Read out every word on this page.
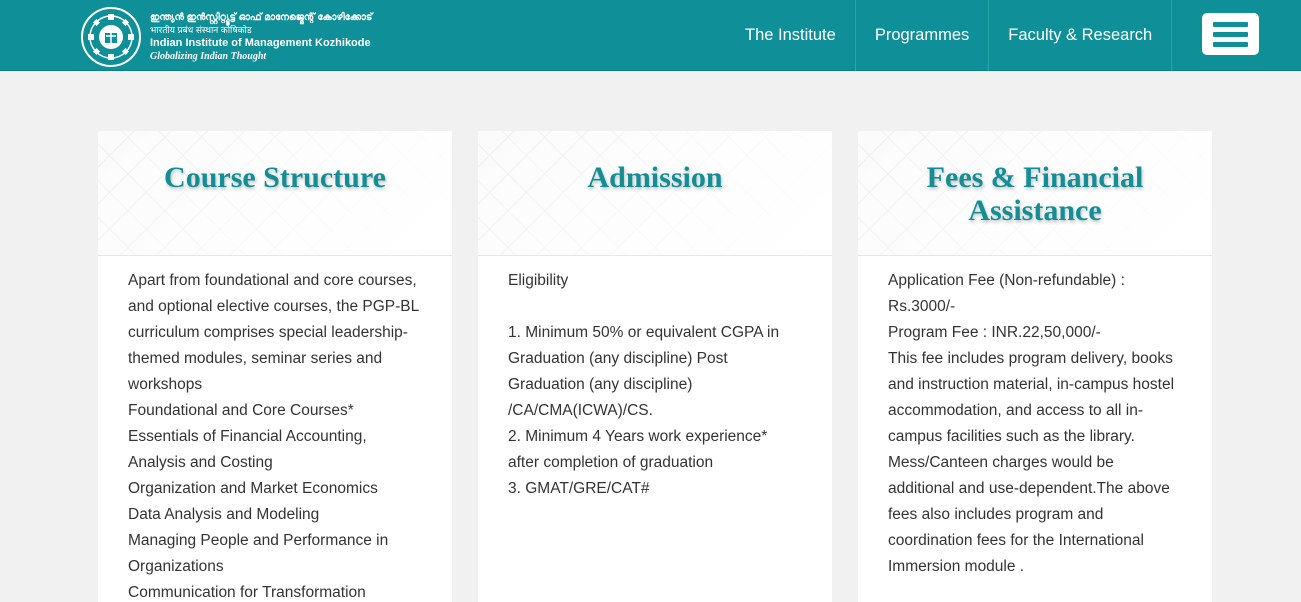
ഇന്ത്യൻ ഇൻസ്റ്റിറ്റ്യൂട്ട് ഓഫ് മാനേജ്മെന്റ് കോഴിക്കോട്
भारतीय प्रबंध संस्थान कोषिकोड
Indian Institute of Management Kozhikode
Globalizing Indian Thought
The Institute	Programmes	Faculty & Research
Course Structure

Apart from foundational and core courses, and optional elective courses, the PGP-BL curriculum comprises special leadership-themed modules, seminar series and workshops
Foundational and Core Courses*
Essentials of Financial Accounting, Analysis and Costing
Organization and Market Economics
Data Analysis and Modeling
Managing People and Performance in Organizations
Communication for Transformation

Admission

Eligibility

1. Minimum 50% or equivalent CGPA in Graduation (any discipline) Post Graduation (any discipline) /CA/CMA(ICWA)/CS.
2. Minimum 4 Years work experience* after completion of graduation
3. GMAT/GRE/CAT#

Fees & Financial Assistance

Application Fee (Non-refundable) : Rs.3000/-
Program Fee : INR.22,50,000/-
This fee includes program delivery, books and instruction material, in-campus hostel accommodation, and access to all in-campus facilities such as the library. Mess/Canteen charges would be additional and use-dependent.The above fees also includes program and coordination fees for the International Immersion module .
